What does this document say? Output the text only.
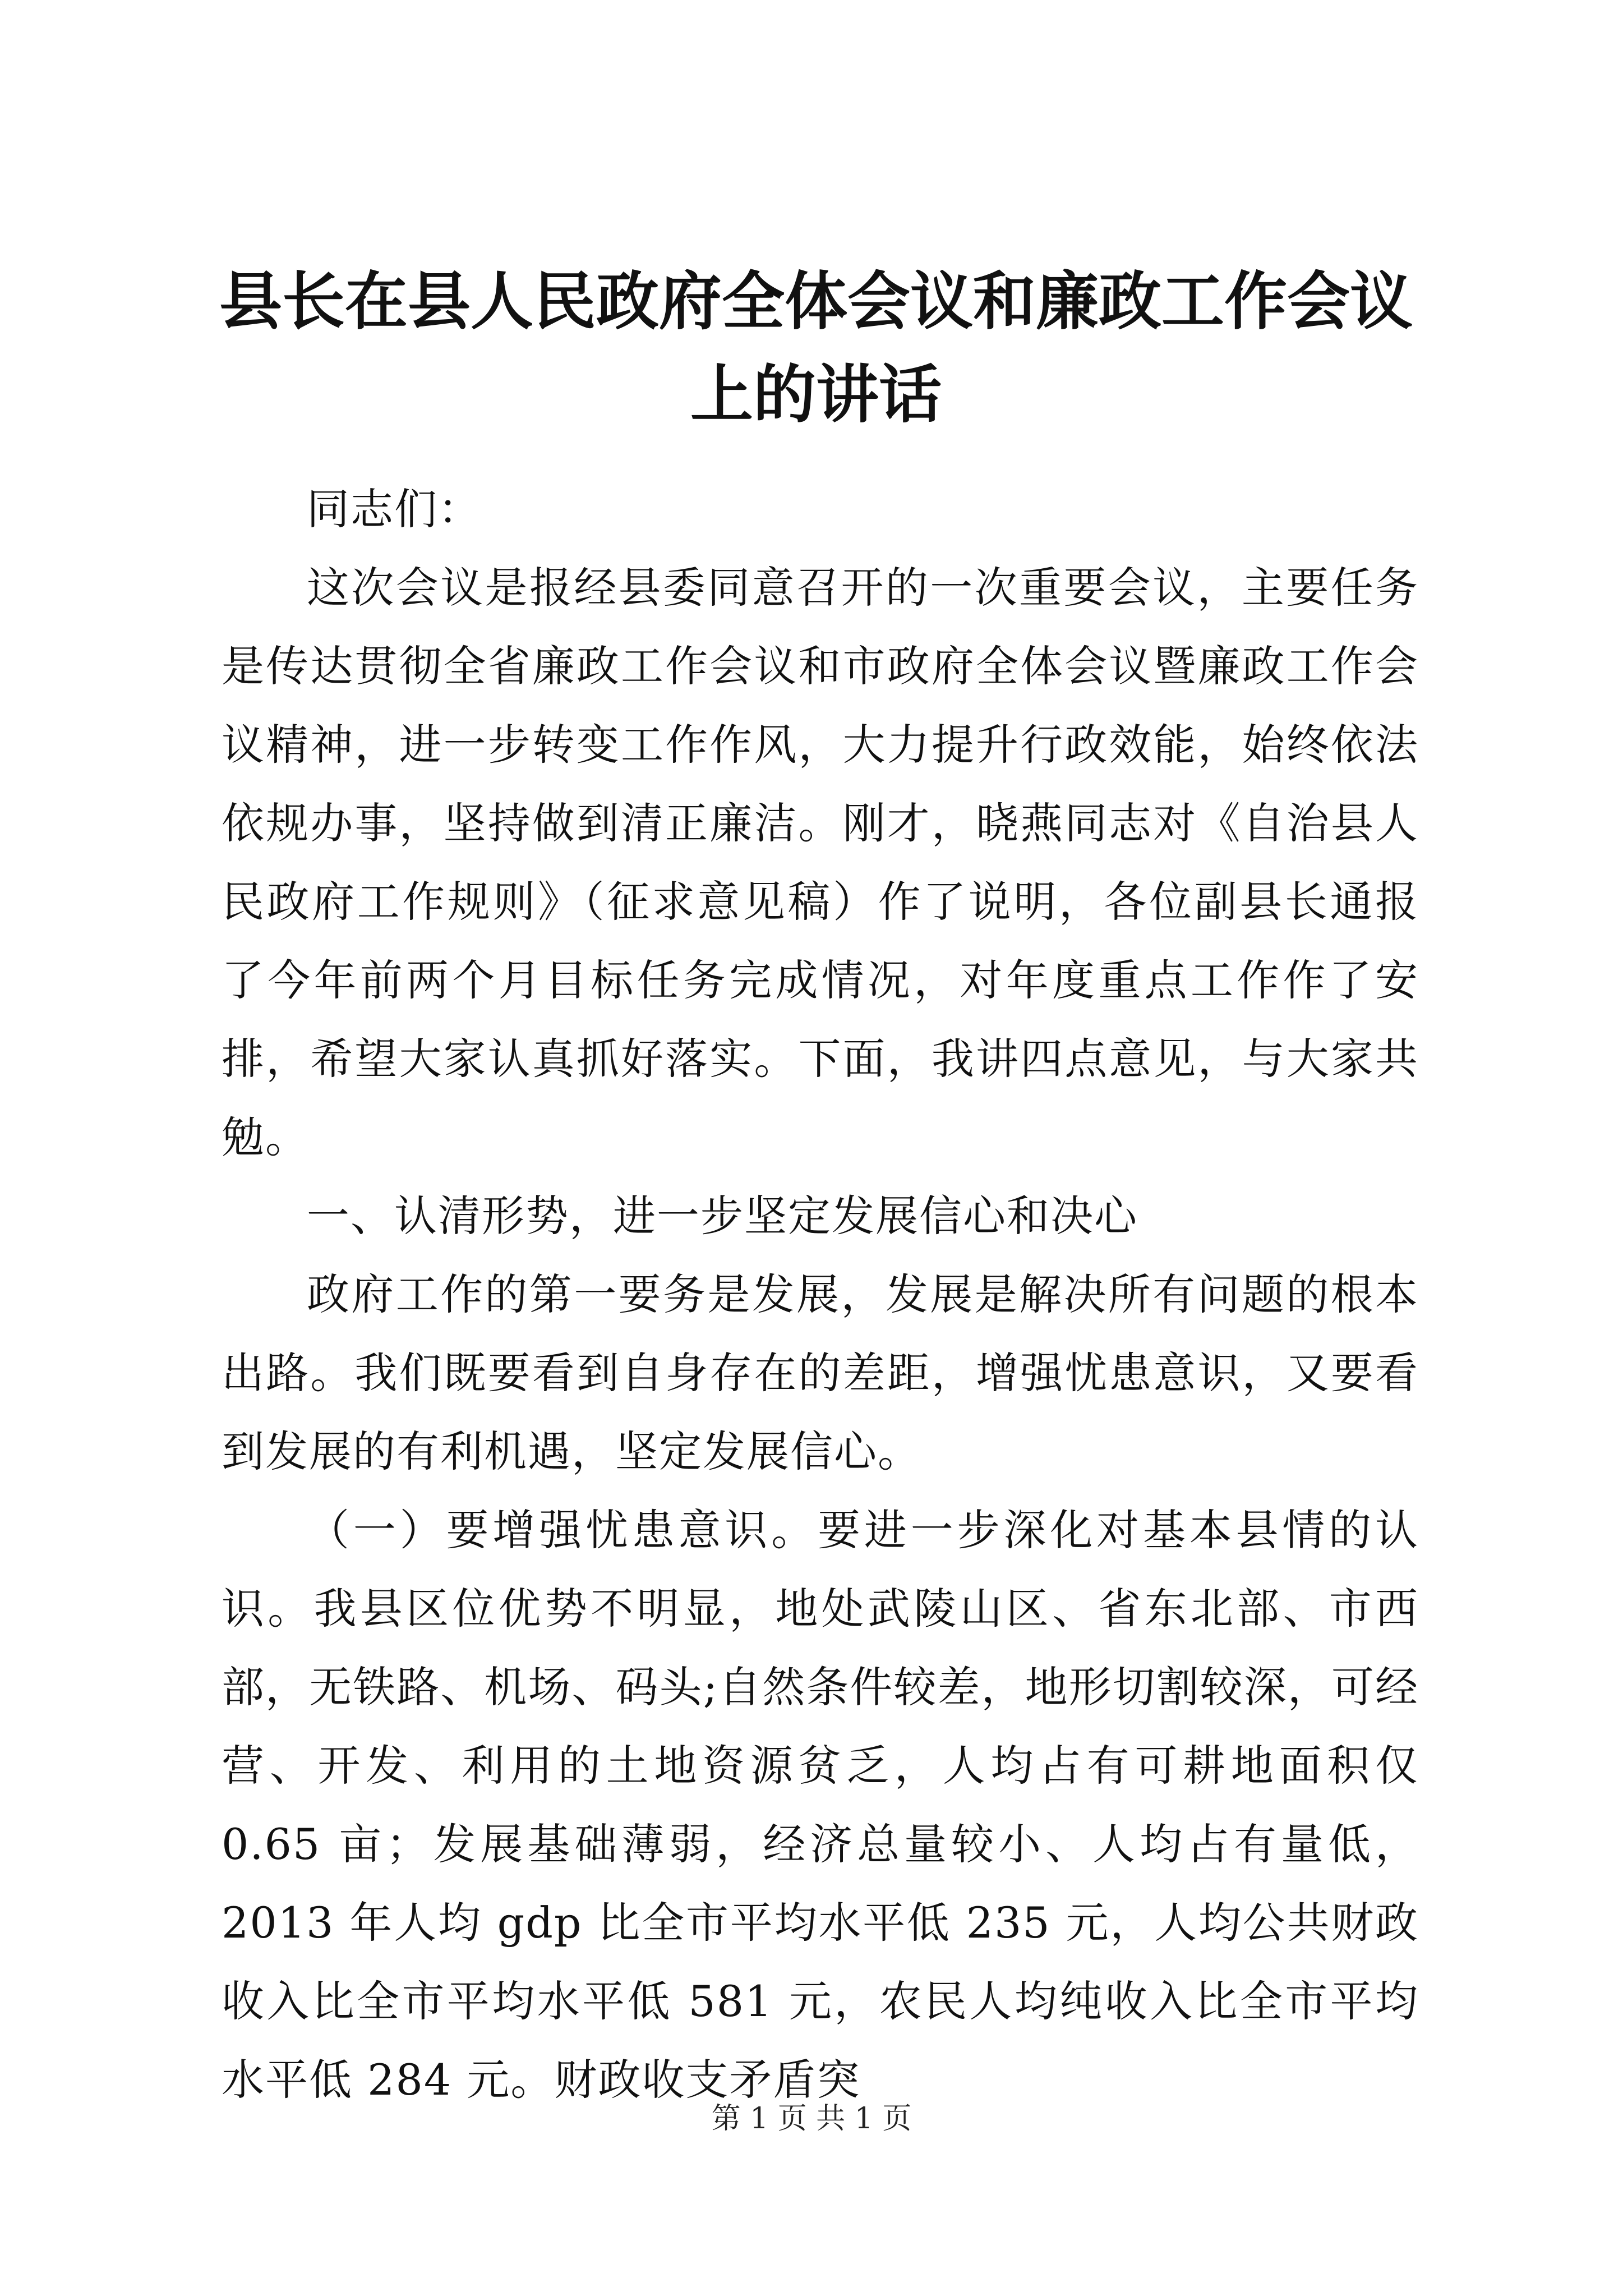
县长在县人民政府全体会议和廉政工作会议上的讲话

同志们：

这次会议是报经县委同意召开的一次重要会议，主要任务是传达贯彻全省廉政工作会议和市政府全体会议暨廉政工作会议精神，进一步转变工作作风，大力提升行政效能，始终依法依规办事，坚持做到清正廉洁。刚才，晓燕同志对《自治县人民政府工作规则》（征求意见稿）作了说明，各位副县长通报了今年前两个月目标任务完成情况，对年度重点工作作了安排，希望大家认真抓好落实。下面，我讲四点意见，与大家共勉。

一、认清形势，进一步坚定发展信心和决心

政府工作的第一要务是发展，发展是解决所有问题的根本出路。我们既要看到自身存在的差距，增强忧患意识，又要看到发展的有利机遇，坚定发展信心。

（一）要增强忧患意识。要进一步深化对基本县情的认识。我县区位优势不明显，地处武陵山区、省东北部、市西部，无铁路、机场、码头;自然条件较差，地形切割较深，可经营、开发、利用的土地资源贫乏，人均占有可耕地面积仅 0.65 亩；发展基础薄弱，经济总量较小、人均占有量低，2013 年人均 gdp 比全市平均水平低 235 元，人均公共财政收入比全市平均水平低 581 元，农民人均纯收入比全市平均水平低 284 元。财政收支矛盾突

第 1 页 共 1 页
